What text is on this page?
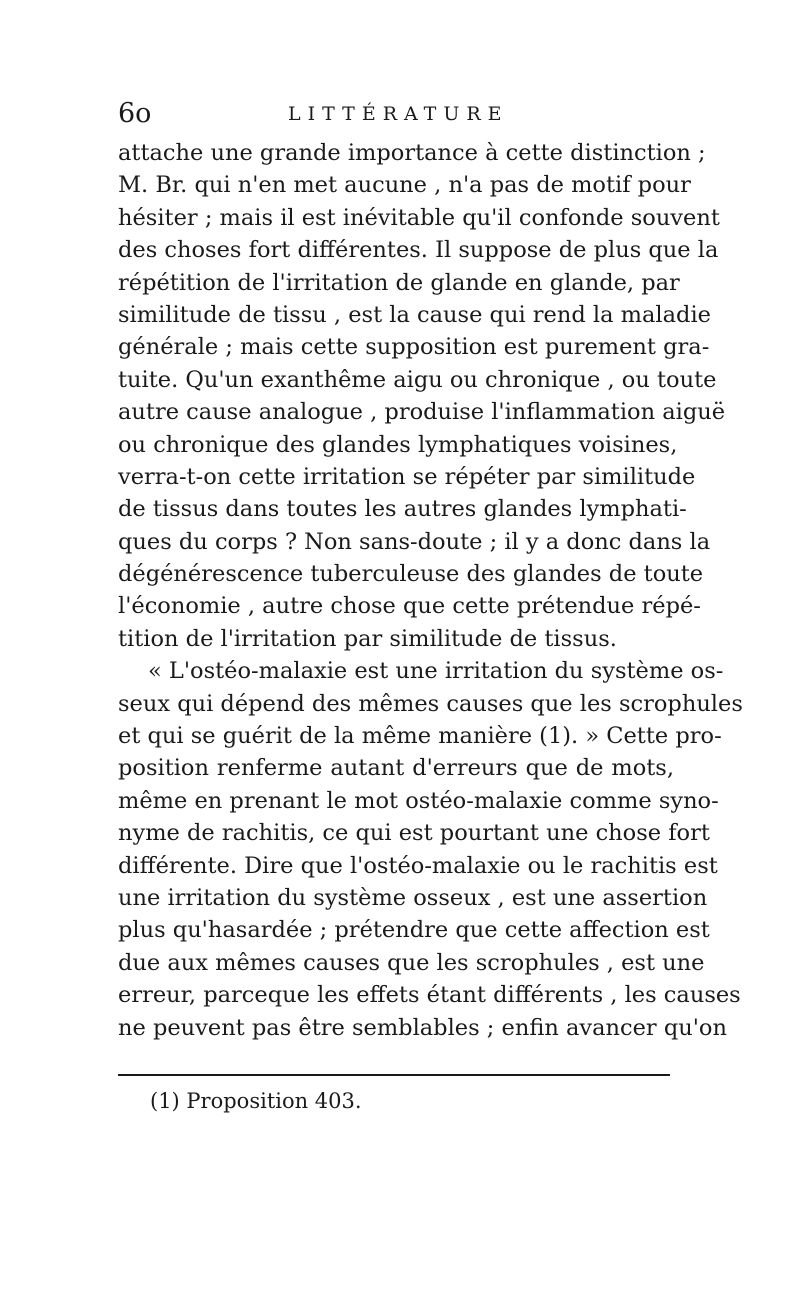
6o	LITTÉRATURE
attache une grande importance à cette distinction ;
M. Br. qui n'en met aucune , n'a pas de motif pour
hésiter ; mais il est inévitable qu'il confonde souvent
des choses fort différentes. Il suppose de plus que la
répétition de l'irritation de glande en glande, par
similitude de tissu , est la cause qui rend la maladie
générale ; mais cette supposition est purement gra-
tuite. Qu'un exanthême aigu ou chronique , ou toute
autre cause analogue , produise l'inflammation aiguë
ou chronique des glandes lymphatiques voisines,
verra-t-on cette irritation se répéter par similitude
de tissus dans toutes les autres glandes lymphati-
ques du corps ? Non sans-doute ; il y a donc dans la
dégénérescence tuberculeuse des glandes de toute
l'économie , autre chose que cette prétendue répé-
tition de l'irritation par similitude de tissus.
« L'ostéo-malaxie est une irritation du système os-
seux qui dépend des mêmes causes que les scrophules
et qui se guérit de la même manière (1). » Cette pro-
position renferme autant d'erreurs que de mots,
même en prenant le mot ostéo-malaxie comme syno-
nyme de rachitis, ce qui est pourtant une chose fort
différente. Dire que l'ostéo-malaxie ou le rachitis est
une irritation du système osseux , est une assertion
plus qu'hasardée ; prétendre que cette affection est
due aux mêmes causes que les scrophules , est une
erreur, parceque les effets étant différents , les causes
ne peuvent pas être semblables ; enfin avancer qu'on
(1) Proposition 403.
